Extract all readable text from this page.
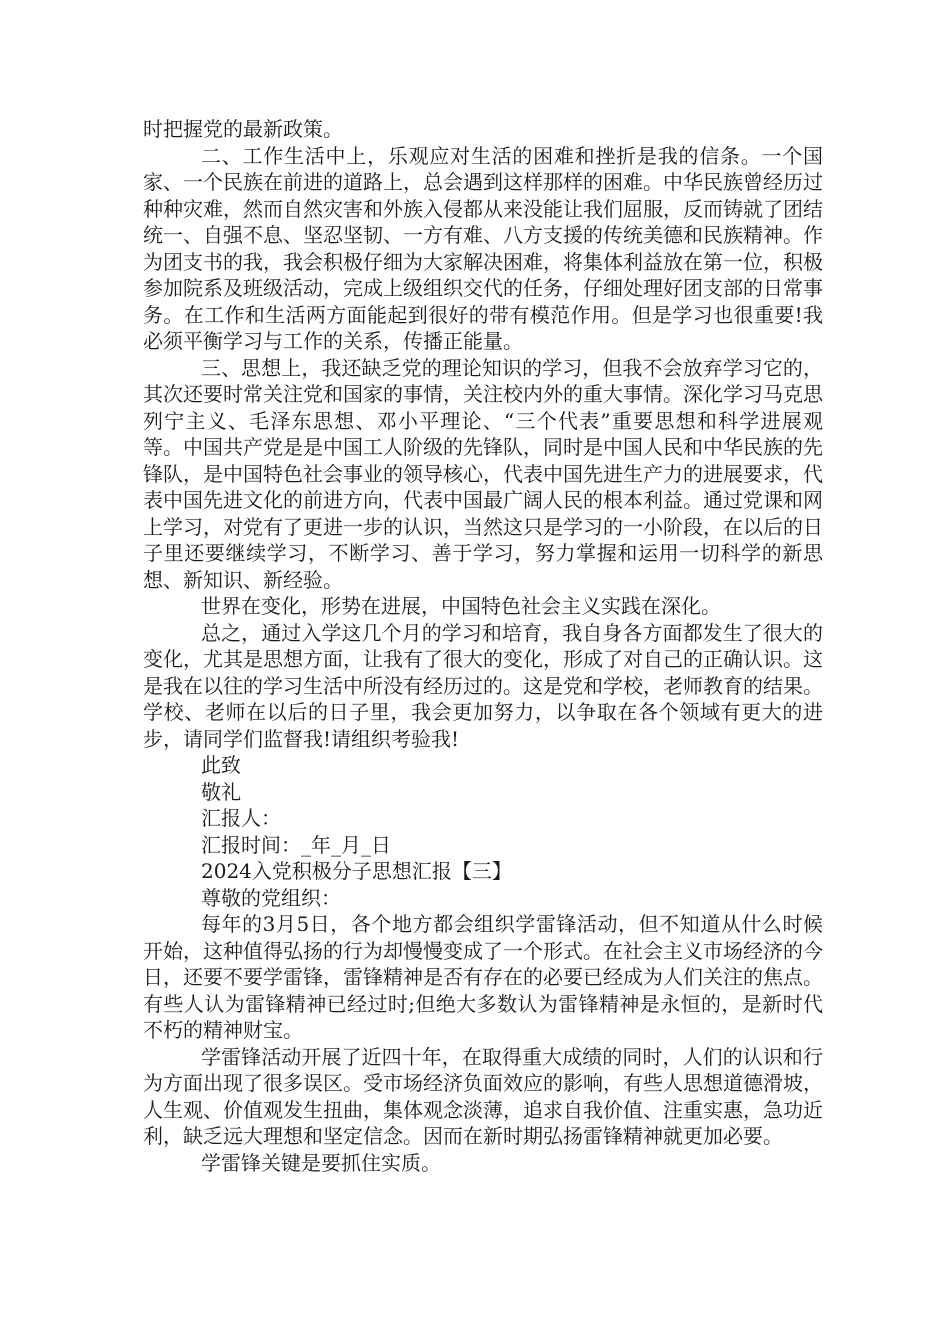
时把握党的最新政策。

二、工作生活中上，乐观应对生活的困难和挫折是我的信条。一个国家、一个民族在前进的道路上，总会遇到这样那样的困难。中华民族曾经历过种种灾难，然而自然灾害和外族入侵都从来没能让我们屈服，反而铸就了团结统一、自强不息、坚忍坚韧、一方有难、八方支援的传统美德和民族精神。作为团支书的我，我会积极仔细为大家解决困难，将集体利益放在第一位，积极参加院系及班级活动，完成上级组织交代的任务，仔细处理好团支部的日常事务。在工作和生活两方面能起到很好的带有模范作用。但是学习也很重要!我必须平衡学习与工作的关系，传播正能量。

三、思想上，我还缺乏党的理论知识的学习，但我不会放弃学习它的，其次还要时常关注党和国家的事情，关注校内外的重大事情。深化学习马克思列宁主义、毛泽东思想、邓小平理论、“三个代表”重要思想和科学进展观等。中国共产党是是中国工人阶级的先锋队，同时是中国人民和中华民族的先锋队，是中国特色社会事业的领导核心，代表中国先进生产力的进展要求，代表中国先进文化的前进方向，代表中国最广阔人民的根本利益。通过党课和网上学习，对党有了更进一步的认识，当然这只是学习的一小阶段，在以后的日子里还要继续学习，不断学习、善于学习，努力掌握和运用一切科学的新思想、新知识、新经验。

世界在变化，形势在进展，中国特色社会主义实践在深化。

总之，通过入学这几个月的学习和培育，我自身各方面都发生了很大的变化，尤其是思想方面，让我有了很大的变化，形成了对自己的正确认识。这是我在以往的学习生活中所没有经历过的。这是党和学校，老师教育的结果。学校、老师在以后的日子里，我会更加努力，以争取在各个领域有更大的进步，请同学们监督我!请组织考验我!

此致

敬礼

汇报人：

汇报时间：_年_月_日

2024入党积极分子思想汇报【三】

尊敬的党组织：

每年的3月5日，各个地方都会组织学雷锋活动，但不知道从什么时候开始，这种值得弘扬的行为却慢慢变成了一个形式。在社会主义市场经济的今日，还要不要学雷锋，雷锋精神是否有存在的必要已经成为人们关注的焦点。有些人认为雷锋精神已经过时;但绝大多数认为雷锋精神是永恒的，是新时代不朽的精神财宝。

学雷锋活动开展了近四十年，在取得重大成绩的同时，人们的认识和行为方面出现了很多误区。受市场经济负面效应的影响，有些人思想道德滑坡，人生观、价值观发生扭曲，集体观念淡薄，追求自我价值、注重实惠，急功近利，缺乏远大理想和坚定信念。因而在新时期弘扬雷锋精神就更加必要。

学雷锋关键是要抓住实质。
